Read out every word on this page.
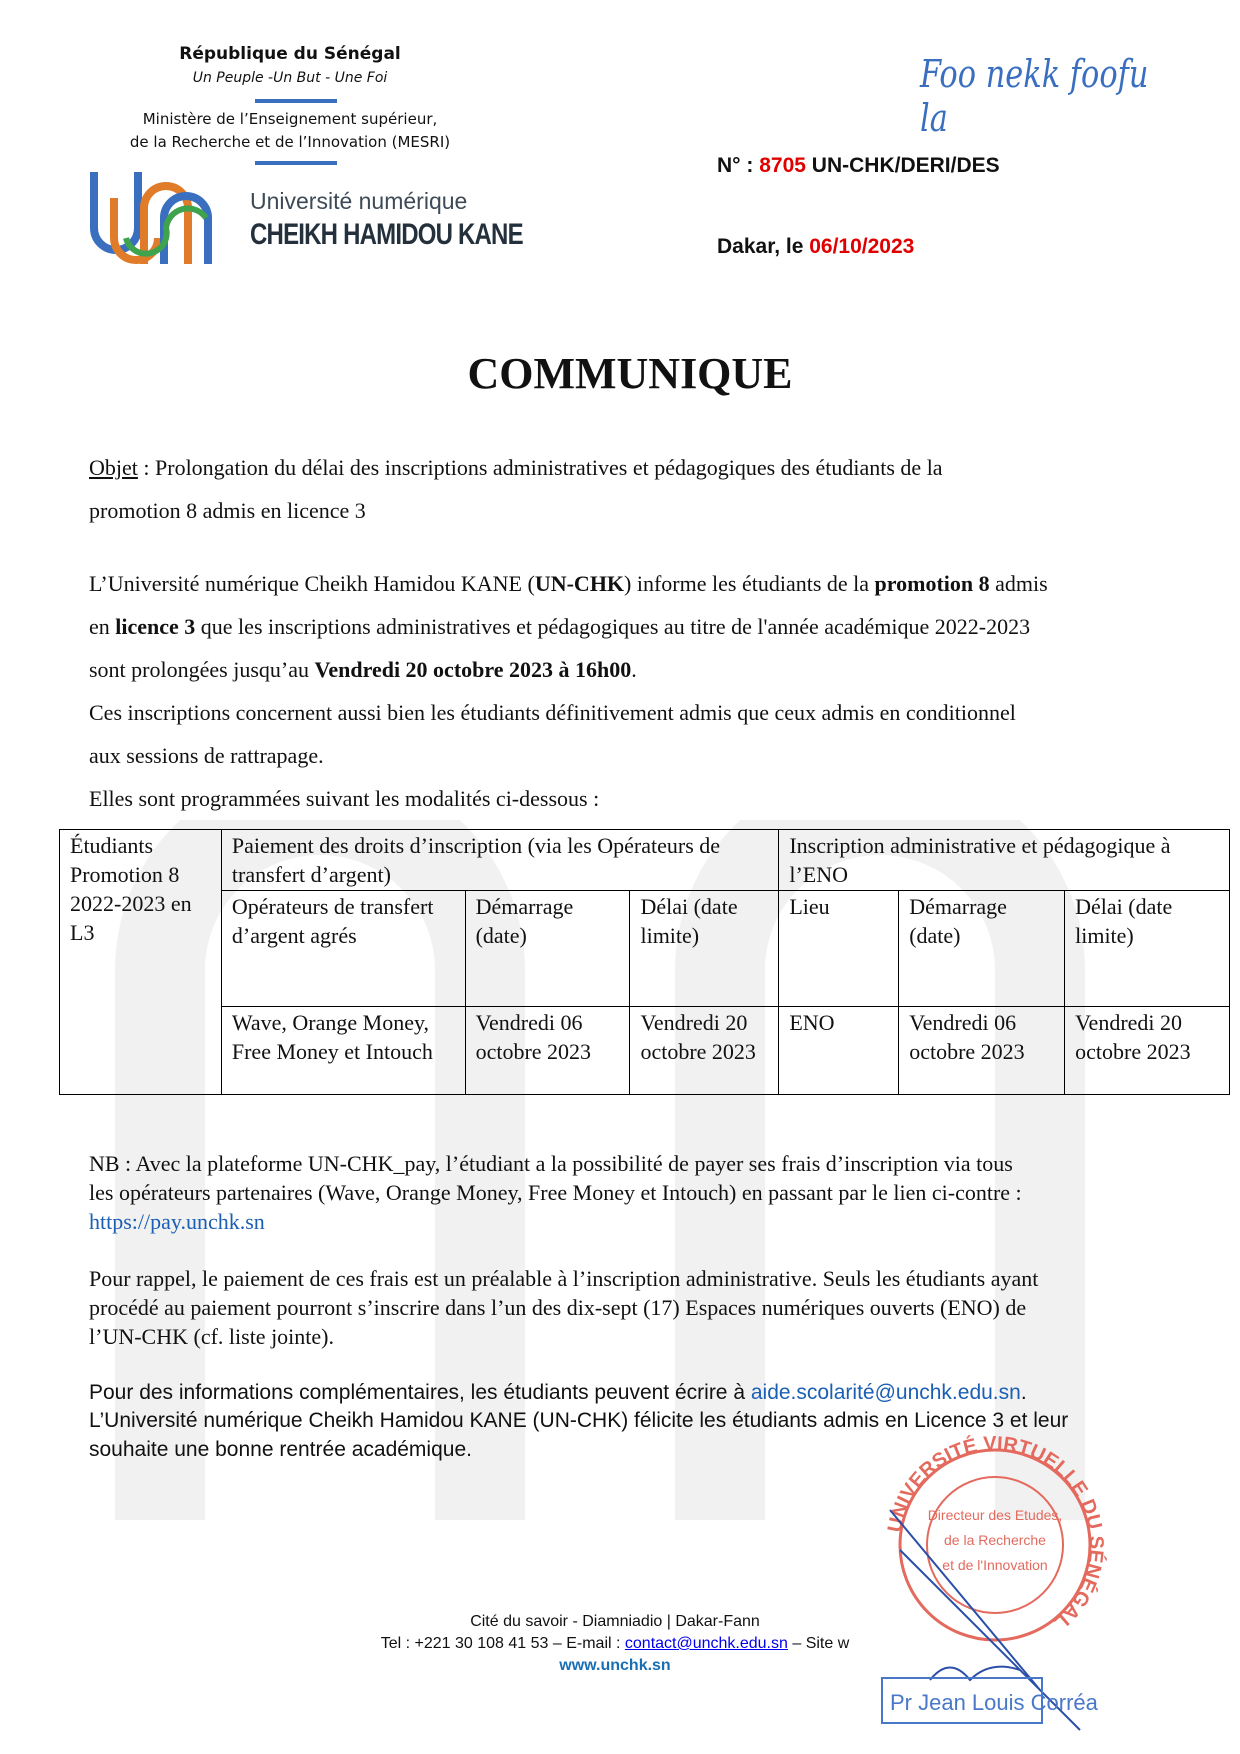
République du Sénégal
Un Peuple -Un But - Une Foi
Ministère de l’Enseignement supérieur,
de la Recherche et de l’Innovation (MESRI)
Université numérique
CHEIKH HAMIDOU KANE
Foo nekk foofu la
N° : 8705 UN-CHK/DERI/DES
Dakar, le 06/10/2023
COMMUNIQUE
Objet : Prolongation du délai des inscriptions administratives et pédagogiques des étudiants de la
promotion 8 admis en licence 3
L’Université numérique Cheikh Hamidou KANE (UN-CHK) informe les étudiants de la promotion 8 admis
en licence 3 que les inscriptions administratives et pédagogiques au titre de l'année académique 2022-2023
sont prolongées jusqu’au Vendredi 20 octobre 2023 à 16h00.
Ces inscriptions concernent aussi bien les étudiants définitivement admis que ceux admis en conditionnel
aux sessions de rattrapage.
Elles sont programmées suivant les modalités ci-dessous :
Étudiants Promotion 8 2022-2023 en L3	Paiement des droits d’inscription (via les Opérateurs de transfert d’argent)			Inscription administrative et pédagogique à l’ENO		
	Opérateurs de transfert d’argent agrés	Démarrage (date)	Délai (date limite)	Lieu	Démarrage (date)	Délai (date limite)
	Wave, Orange Money, Free Money et Intouch	Vendredi 06 octobre 2023	Vendredi 20 octobre 2023	ENO	Vendredi 06 octobre 2023	Vendredi 20 octobre 2023
NB : Avec la plateforme UN-CHK_pay, l’étudiant a la possibilité de payer ses frais d’inscription via tous
les opérateurs partenaires (Wave, Orange Money, Free Money et Intouch) en passant par le lien ci-contre :
https://pay.unchk.sn
Pour rappel, le paiement de ces frais est un préalable à l’inscription administrative. Seuls les étudiants ayant
procédé au paiement pourront s’inscrire dans l’un des dix-sept (17) Espaces numériques ouverts (ENO) de
l’UN-CHK (cf. liste jointe).
Pour des informations complémentaires, les étudiants peuvent écrire à aide.scolarité@unchk.edu.sn.
L’Université numérique Cheikh Hamidou KANE (UN-CHK) félicite les étudiants admis en Licence 3 et leur
souhaite une bonne rentrée académique.
UNIVERSITÉ VIRTUELLE DU SÉNÉGAL
Directeur des Etudes,
de la Recherche
et de l'Innovation
Pr Jean Louis Corréa
Cité du savoir - Diamniadio | Dakar-Fann
Tel : +221 30 108 41 53 – E-mail : contact@unchk.edu.sn – Site w
www.unchk.sn
